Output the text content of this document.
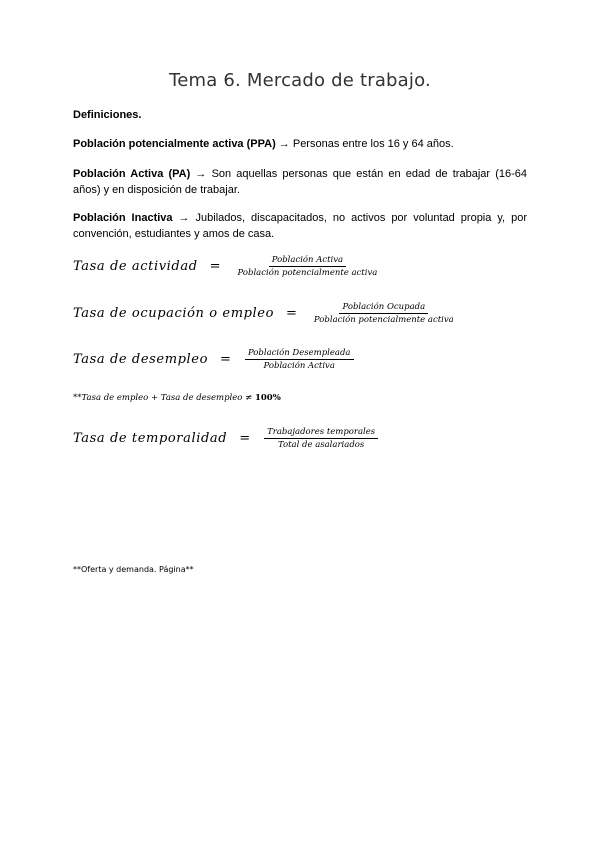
Tema 6. Mercado de trabajo.
Definiciones.
Población potencialmente activa (PPA) → Personas entre los 16 y 64 años.
Población Activa (PA) → Son aquellas personas que están en edad de trabajar (16-64 años) y en disposición de trabajar.
Población Inactiva → Jubilados, discapacitados, no activos por voluntad propia y, por convención, estudiantes y amos de casa.
Tasa de actividad = $\frac{\text{Población Activa}}{\text{Población potencialmente activa}}$
Tasa de ocupación o empleo = $\frac{\text{Población Ocupada}}{\text{Población potencialmente activa}}$
Tasa de desempleo = $\frac{\text{Población Desempleada}}{\text{Población Activa}}$
**Tasa de empleo + Tasa de desempleo ≠ 100%
Tasa de temporalidad = $\frac{\text{Trabajadores temporales}}{\text{Total de asalariados}}$
**Oferta y demanda. Página**
